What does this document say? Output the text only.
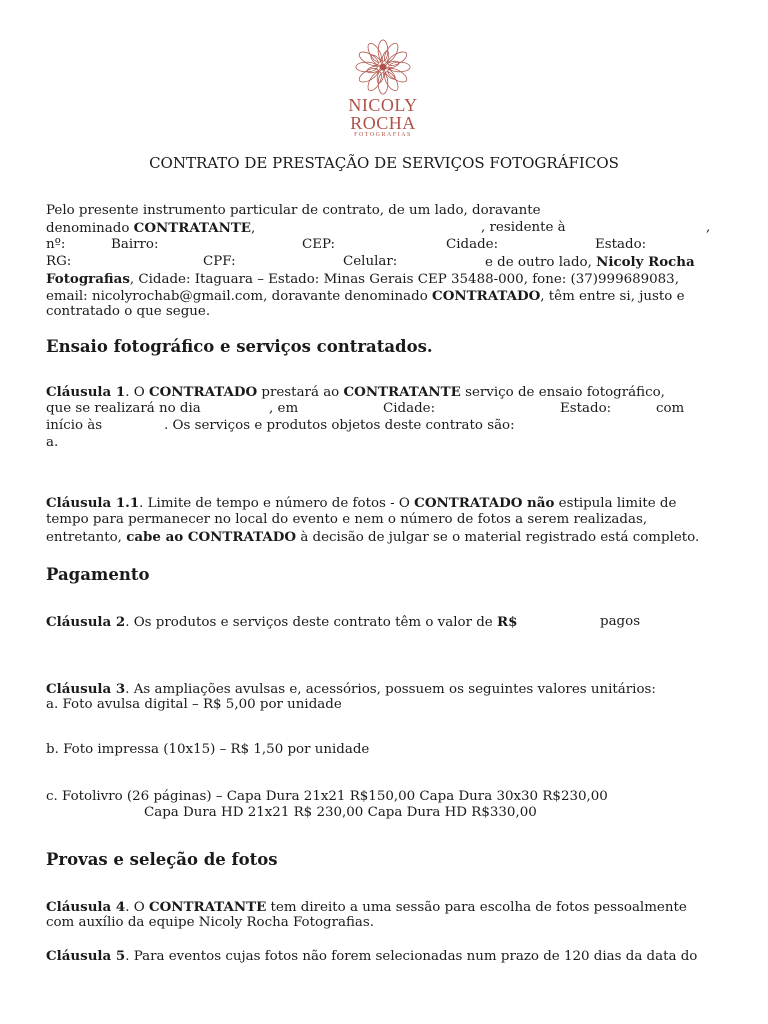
NICOLY ROCHA
FOTOGRAFIAS
CONTRATO DE PRESTAÇÃO DE SERVIÇOS FOTOGRÁFICOS
Pelo presente instrumento particular de contrato, de um lado, doravante
denominado CONTRATANTE,	, residente à	,
nº:	Bairro:	CEP:	Cidade:	Estado:
RG:	CPF:	Celular:	e de outro lado, Nicoly Rocha
Fotografias, Cidade: Itaguara – Estado: Minas Gerais CEP 35488-000, fone: (37)999689083,
email: nicolyrochab@gmail.com, doravante denominado CONTRATADO, têm entre si, justo e
contratado o que segue.
Ensaio fotográfico e serviços contratados.
Cláusula 1. O CONTRATADO prestará ao CONTRATANTE serviço de ensaio fotográfico,
que se realizará no dia	, em	Cidade:	Estado:	com
início às	. Os serviços e produtos objetos deste contrato são:
a.
Cláusula 1.1. Limite de tempo e número de fotos - O CONTRATADO não estipula limite de
tempo para permanecer no local do evento e nem o número de fotos a serem realizadas,
entretanto, cabe ao CONTRATADO à decisão de julgar se o material registrado está completo.
Pagamento
Cláusula 2. Os produtos e serviços deste contrato têm o valor de R$	pagos
Cláusula 3. As ampliações avulsas e, acessórios, possuem os seguintes valores unitários:
a. Foto avulsa digital – R$ 5,00 por unidade
b. Foto impressa (10x15) – R$ 1,50 por unidade
c. Fotolivro (26 páginas) – Capa Dura 21x21 R$150,00 Capa Dura 30x30 R$230,00
Capa Dura HD 21x21 R$ 230,00 Capa Dura HD R$330,00
Provas e seleção de fotos
Cláusula 4. O CONTRATANTE tem direito a uma sessão para escolha de fotos pessoalmente
com auxílio da equipe Nicoly Rocha Fotografias.
Cláusula 5. Para eventos cujas fotos não forem selecionadas num prazo de 120 dias da data do
